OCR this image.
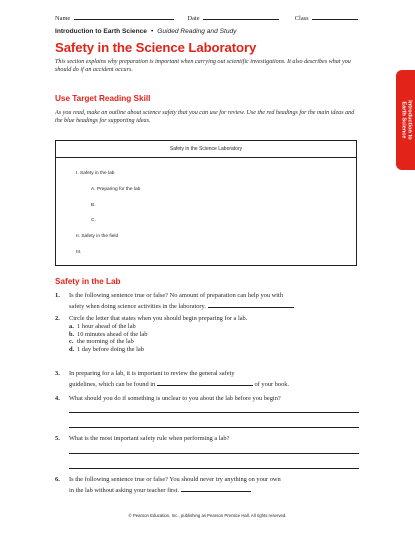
Name	Date	Class
Introduction to Earth Science • Guided Reading and Study
Safety in the Science Laboratory
This section explains why preparation is important when carrying out scientific investigations. It also describes what you should do if an accident occurs.
Use Target Reading Skill
As you read, make an outline about science safety that you can use for review. Use the red headings for the main ideas and the blue headings for supporting ideas.
Safety in the Science Laboratory
I. Safety in the lab
A. Preparing for the lab
B.
C.
II. Safety in the field
III.
Safety in the Lab
1. Is the following sentence true or false? No amount of preparation can help you with
safety when doing science activities in the laboratory.
2. Circle the letter that states when you should begin preparing for a lab.
a. 1 hour ahead of the lab
b. 10 minutes ahead of the lab
c. the morning of the lab
d. 1 day before doing the lab
3. In preparing for a lab, it is important to review the general safety
guidelines, which can be found in	of your book.
4. What should you do if something is unclear to you about the lab before you begin?
5. What is the most important safety rule when performing a lab?
6. Is the following sentence true or false? You should never try anything on your own
in the lab without asking your teacher first.
Introduction to
Earth Science
© Pearson Education, Inc., publishing as Pearson Prentice Hall. All rights reserved.
